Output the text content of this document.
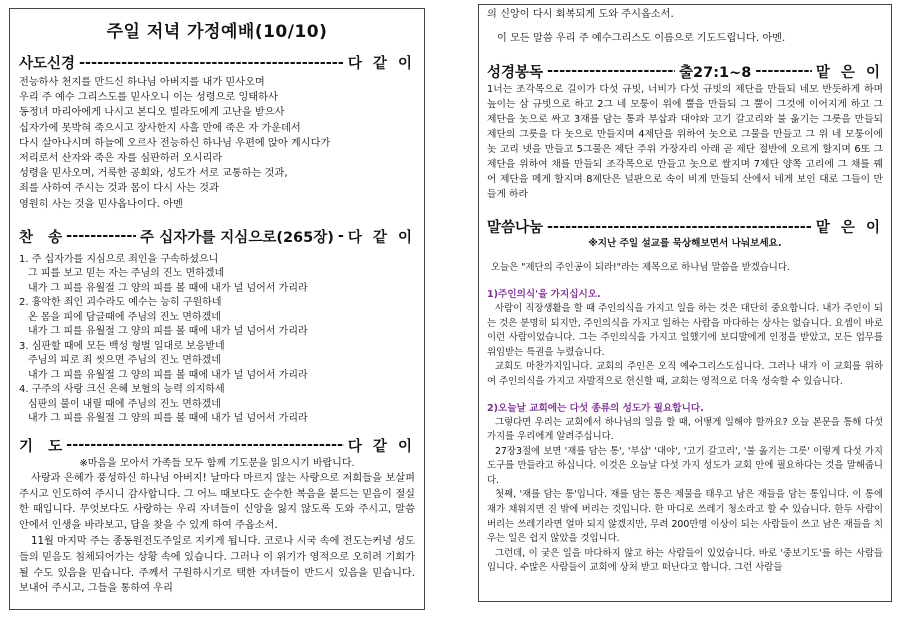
주일 저녁 가정예배(10/10)
사도신경 -----	다 같 이
전능하사 천지를 만드신 하나님 아버지를 내가 믿사오며
우리 주 예수 그리스도를 믿사오니 이는 성령으로 잉태하사
동정녀 마리아에게 나시고 본디오 빌라도에게 고난을 받으사
십자가에 못박혀 죽으시고 장사한지 사흘 만에 죽은 자 가운데서
다시 살아나시며 하늘에 오르사 전능하신 하나님 우편에 앉아 계시다가
저리로서 산자와 죽은 자를 심판하러 오시리라
성령을 믿사오며, 거룩한 공회와, 성도가 서로 교통하는 것과,
죄를 사하여 주시는 것과 몸이 다시 사는 것과
영원히 사는 것을 믿사옵나이다. 아멘
찬   송 -----	주 십자가를 지심으로(265장) ----- 다 같 이
1. 주 십자가를 지심으로 죄인을 구속하셨으니
그 피를 보고 믿는 자는 주님의 진노 면하겠네
내가 그 피를 유월절 그 양의 피를 볼 때에 내가 널 넘어서 가리라
2. 흉악한 죄인 괴수라도 예수는 능히 구원하네
온 몸을 피에 담글때에 주님의 진노 면하겠네
내가 그 피를 유월절 그 양의 피를 볼 때에 내가 널 넘어서 가리라
3. 심판할 때에 모든 백성 형벌 일대로 보응받네
주님의 피로 죄 씻으면 주님의 진노 면하겠네
내가 그 피를 유월절 그 양의 피를 볼 때에 내가 널 넘어서 가리라
4. 구주의 사랑 크신 은혜 보혈의 능력 의지하세
심판의 불이 내릴 때에 주님의 진노 면하겠네
내가 그 피를 유월절 그 양의 피를 볼 때에 내가 널 넘어서 가리라
기   도 -----	다 같 이
※마음을 모아서 가족들 모두 함께 기도문을 읽으시기 바랍니다.
사랑과 은혜가 풍성하신 하나님 아버지! 날마다 마르지 않는 사랑으로 저희들을 보살펴주시고 인도하여 주시니 감사합니다. 그 어느 때보다도 순수한 복음을 붙드는 믿음이 절실한 때입니다. 무엇보다도 사랑하는 우리 자녀들이 신앙을 잃지 않도록 도와 주시고, 말씀 안에서 인생을 바라보고, 답을 찾을 수 있게 하여 주옵소서.
11월 마지막 주는 종동원전도주일로 지키게 됩니다. 코로나 시국 속에 전도는커녕 성도들의 믿음도 침체되어가는 상황 속에 있습니다. 그러나 이 위기가 영적으로 오히려 기회가 될 수도 있음을 믿습니다. 주께서 구원하시기로 택한 자녀들이 반드시 있음을 믿습니다. 보내어 주시고, 그들을 통하여 우리
의 신앙이 다시 회복되게 도와 주시옵소서.
이 모든 말씀 우리 주 예수그리스도 이름으로 기도드립니다. 아멘.
성경봉독 -----	출27:1~8 -----	맡 은 이
1너는 조각목으로 길이가 다섯 규빗, 너비가 다섯 규빗의 제단을 만들되 네모 반듯하게 하며 높이는 삼 규빗으로 하고 2그 네 모퉁이 위에 뿔을 만들되 그 뿔이 그것에 이어지게 하고 그 제단을 놋으로 싸고 3재를 담는 통과 부삽과 대야와 고기 갈고리와 불 옮기는 그릇을 만들되 제단의 그릇을 다 놋으로 만들지며 4제단을 위하여 놋으로 그물을 만들고 그 위 네 모퉁이에 놋 고리 넷을 만들고 5그물은 제단 주위 가장자리 아래 곧 제단 절반에 오르게 할지며 6또 그 제단을 위하여 채를 만들되 조각목으로 만들고 놋으로 쌀지며 7제단 양쪽 고리에 그 채를 꿰어 제단을 메게 할지며 8제단은 널판으로 속이 비게 만들되 산에서 네게 보인 대로 그들이 만들게 하라
말씀나눔 -----	맡 은 이
※지난 주일 설교를 묵상해보면서 나눠보세요.
오늘은 "제단의 주인공이 되라!"라는 제목으로 하나님 말씀을 받겠습니다.
1)주인의식'을 가지십시오.
사람이 직장생활을 할 때 주인의식을 가지고 일을 하는 것은 대단히 중요합니다. 내가 주인이 되는 것은 분명히 되지만, 주인의식을 가지고 일하는 사람을 마다하는 상사는 없습니다. 요셉이 바로 이런 사람이었습니다. 그는 주인의식을 가지고 일했기에 보디발에게 인정을 받았고, 모든 업무를 위임받는 특권을 누렸습니다.
교회도 마찬가지입니다. 교회의 주인은 오직 예수그리스도십니다. 그러나 내가 이 교회를 위하여 주인의식을 가지고 자발적으로 헌신할 때, 교회는 영적으로 더욱 성숙할 수 있습니다.
2)오늘날 교회에는 다섯 종류의 성도가 필요합니다.
그렇다면 우리는 교회에서 하나님의 일을 할 때, 어떻게 일해야 할까요? 오늘 본문을 통해 다섯 가지를 우리에게 알려주십니다.
27장3절에 보면 '재를 담는 통', '부삽' '대야', '고기 갈고리', '불 옮기는 그릇' 이렇게 다섯 가지 도구를 만들라고 하십니다. 이것은 오늘날 다섯 가지 성도가 교회 안에 필요하다는 것을 말해줍니다.
첫째, '재를 담는 통'입니다. 재를 담는 통은 제물을 태우고 남은 재들을 담는 통입니다. 이 통에 재가 채워지면 진 밖에 버리는 것입니다. 한 마디로 쓰레기 청소라고 할 수 있습니다. 한두 사람이 버리는 쓰레기라면 얼마 되지 않겠지만, 무려 200만명 이상이 되는 사람들이 쓰고 남은 재들을 치우는 일은 쉽지 않았을 것입니다.
그런데, 이 궂은 일을 마다하지 않고 하는 사람들이 있었습니다. 바로 '중보기도'를 하는 사람들입니다. 수많은 사람들이 교회에 상처 받고 떠난다고 합니다. 그런 사람들
